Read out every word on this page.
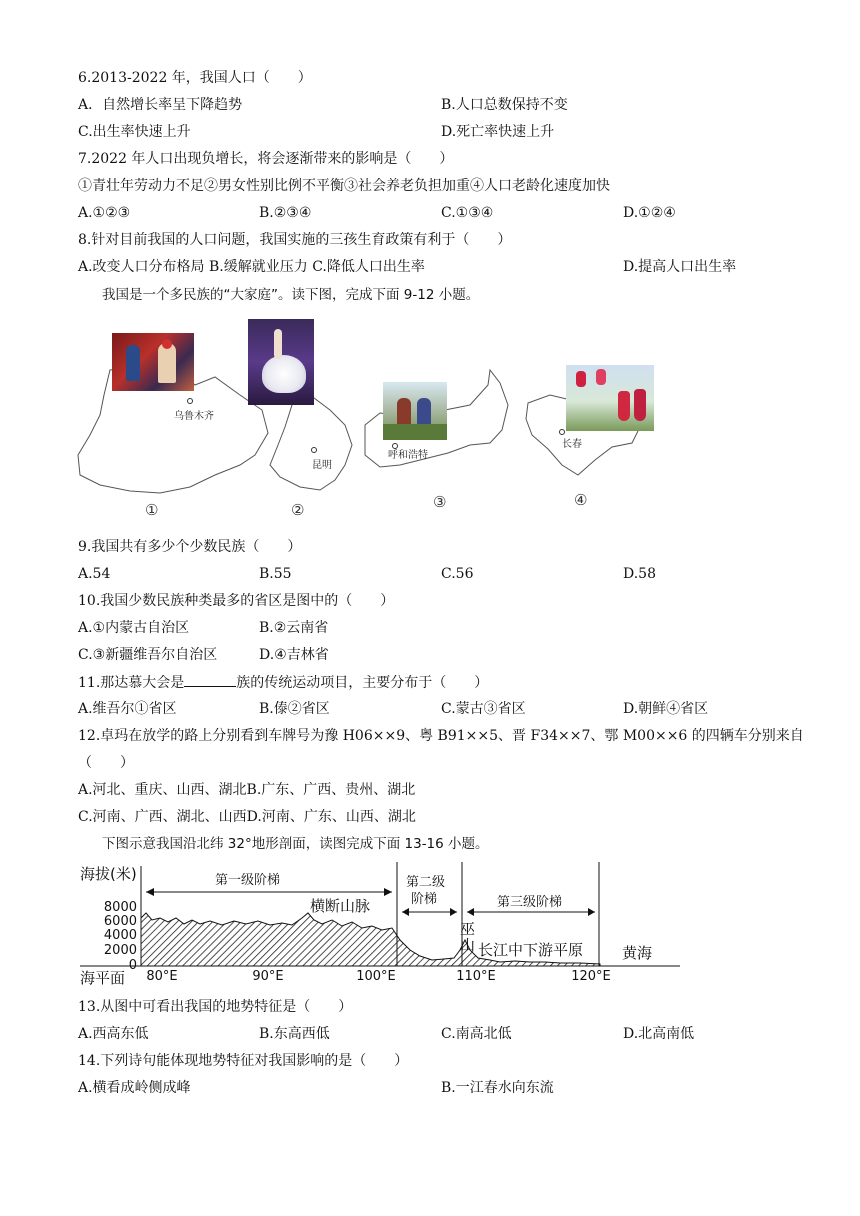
6.2013-2022 年，我国人口（　　）
A．自然增长率呈下降趋势	B.人口总数保持不变
C.出生率快速上升	D.死亡率快速上升
7.2022 年人口出现负增长，将会逐渐带来的影响是（　　）
①青壮年劳动力不足②男女性别比例不平衡③社会养老负担加重④人口老龄化速度加快
A.①②③	B.②③④	C.①③④	D.①②④
8.针对目前我国的人口问题，我国实施的三孩生育政策有利于（　　）
A.改变人口分布格局 B.缓解就业压力 C.降低人口出生率	D.提高人口出生率
我国是一个多民族的“大家庭”。读下图，完成下面 9-12 小题。
乌鲁木齐
昆明
呼和浩特
长春
①	②	③	④
9.我国共有多少个少数民族（　　）
A.54	B.55	C.56	D.58
10.我国少数民族种类最多的省区是图中的（　　）
A.①内蒙古自治区	B.②云南省
C.③新疆维吾尔自治区	D.④吉林省
11.那达慕大会是	族的传统运动项目，主要分布于（　　）
A.维吾尔①省区	B.傣②省区	C.蒙古③省区	D.朝鲜④省区
12.卓玛在放学的路上分别看到车牌号为豫 H06××9、粤 B91××5、晋 F34××7、鄂 M00××6 的四辆车分别来自
（　　）
A.河北、重庆、山西、湖北B.广东、广西、贵州、湖北
C.河南、广西、湖北、山西D.河南、广东、山西、湖北
下图示意我国沿北纬 32°地形剖面，读图完成下面 13-16 小题。
海拔(米)
8000
6000
4000
2000
0
第一级阶梯	第二级
阶梯	第三级阶梯
横断山脉
巫
山 长江中下游平原	黄海
海平面 80°E	90°E	100°E	110°E	120°E
13.从图中可看出我国的地势特征是（　　）
A.西高东低	B.东高西低	C.南高北低	D.北高南低
14.下列诗句能体现地势特征对我国影响的是（　　）
A.横看成岭侧成峰	B.一江春水向东流
